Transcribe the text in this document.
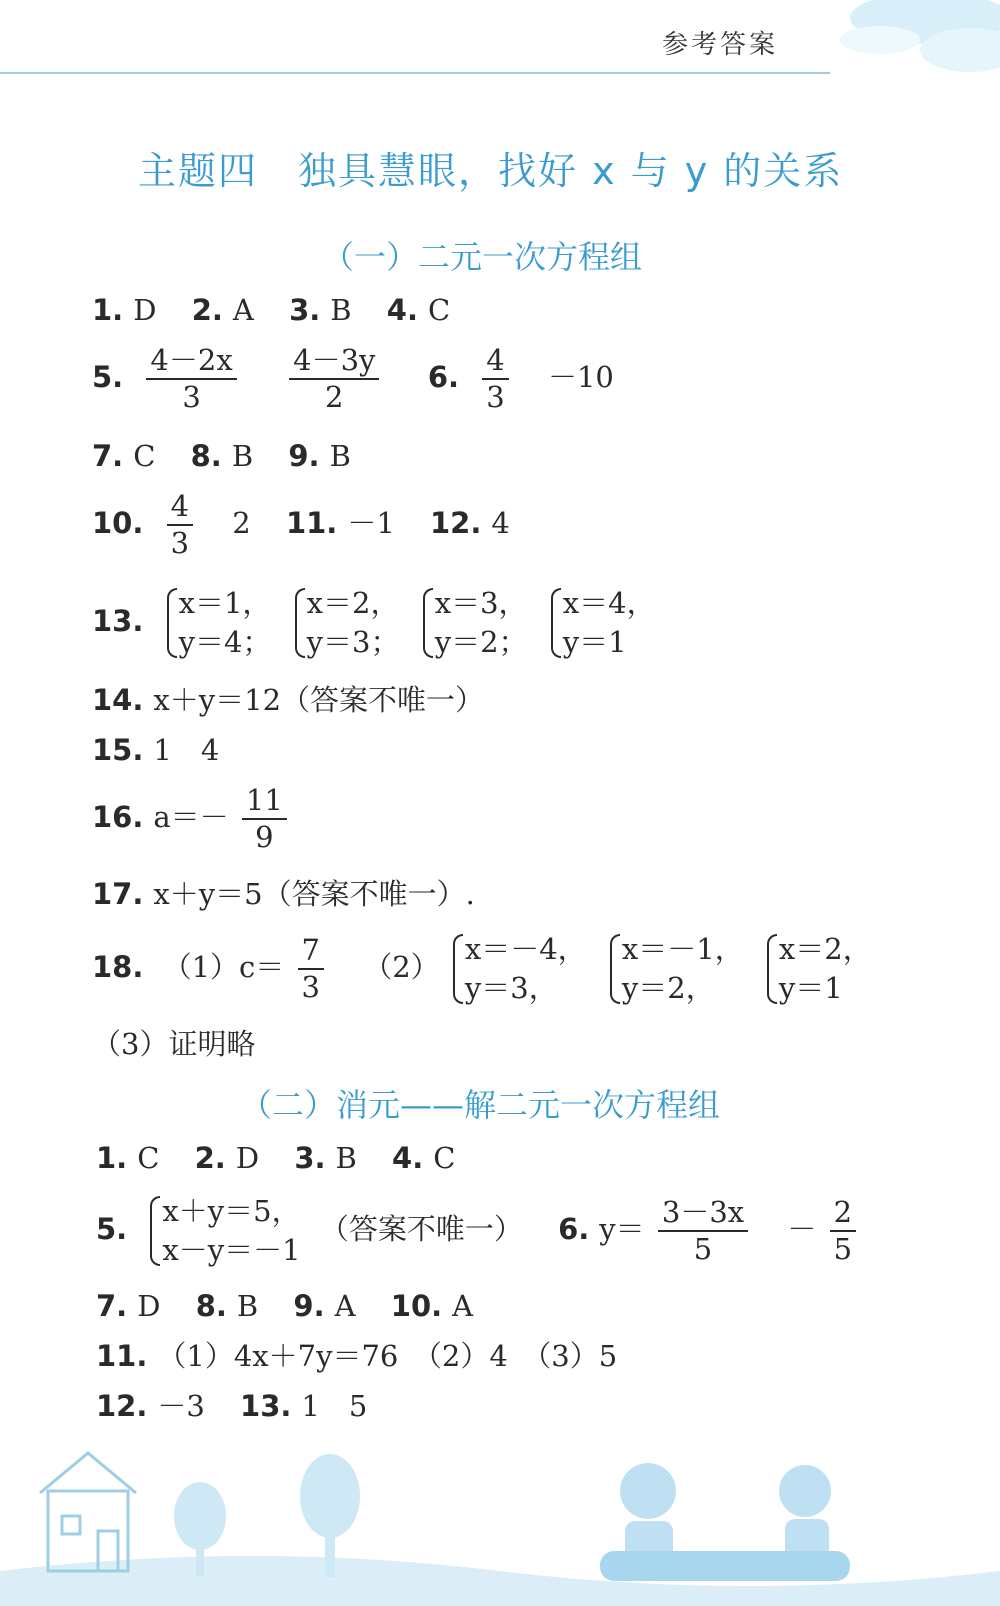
参考答案
主题四　独具慧眼，找好 x 与 y 的关系
（一）二元一次方程组
1. D 2. A 3. B 4. C
5. $\frac{4-2x}{3}$
$\frac{4-3y}{2} 6$. $\frac{4}{3} -10$
7. C 8. B 9. B
10. $\frac{4}{3} 2$ 11. －1 12. 4
13.
x＝1，
y＝4；

x＝2，
y＝3；

x＝3，
y＝2；

x＝4，
y＝1
14. x＋y＝12（答案不唯一）
15. 1　4
16. $a=- \frac{11}{9}$
17. x＋y＝5（答案不唯一）.
18. $(1)c= \frac{7}{3} (2)$
x＝－4，
y＝3，

x＝－1，
y＝2，

x＝2，
y＝1
（3）证明略
（二）消元——解二元一次方程组
1. C 2. D 3. B 4. C
5.
x＋y＝5，
x－y＝－1
（答案不唯一） 6. $y= \frac{3-3x}{5} - \frac{2}{5}$
7. D 8. B 9. A 10. A
11. （1）4x＋7y＝76　（2）4　（3）5
12. －3 13. 1　5
